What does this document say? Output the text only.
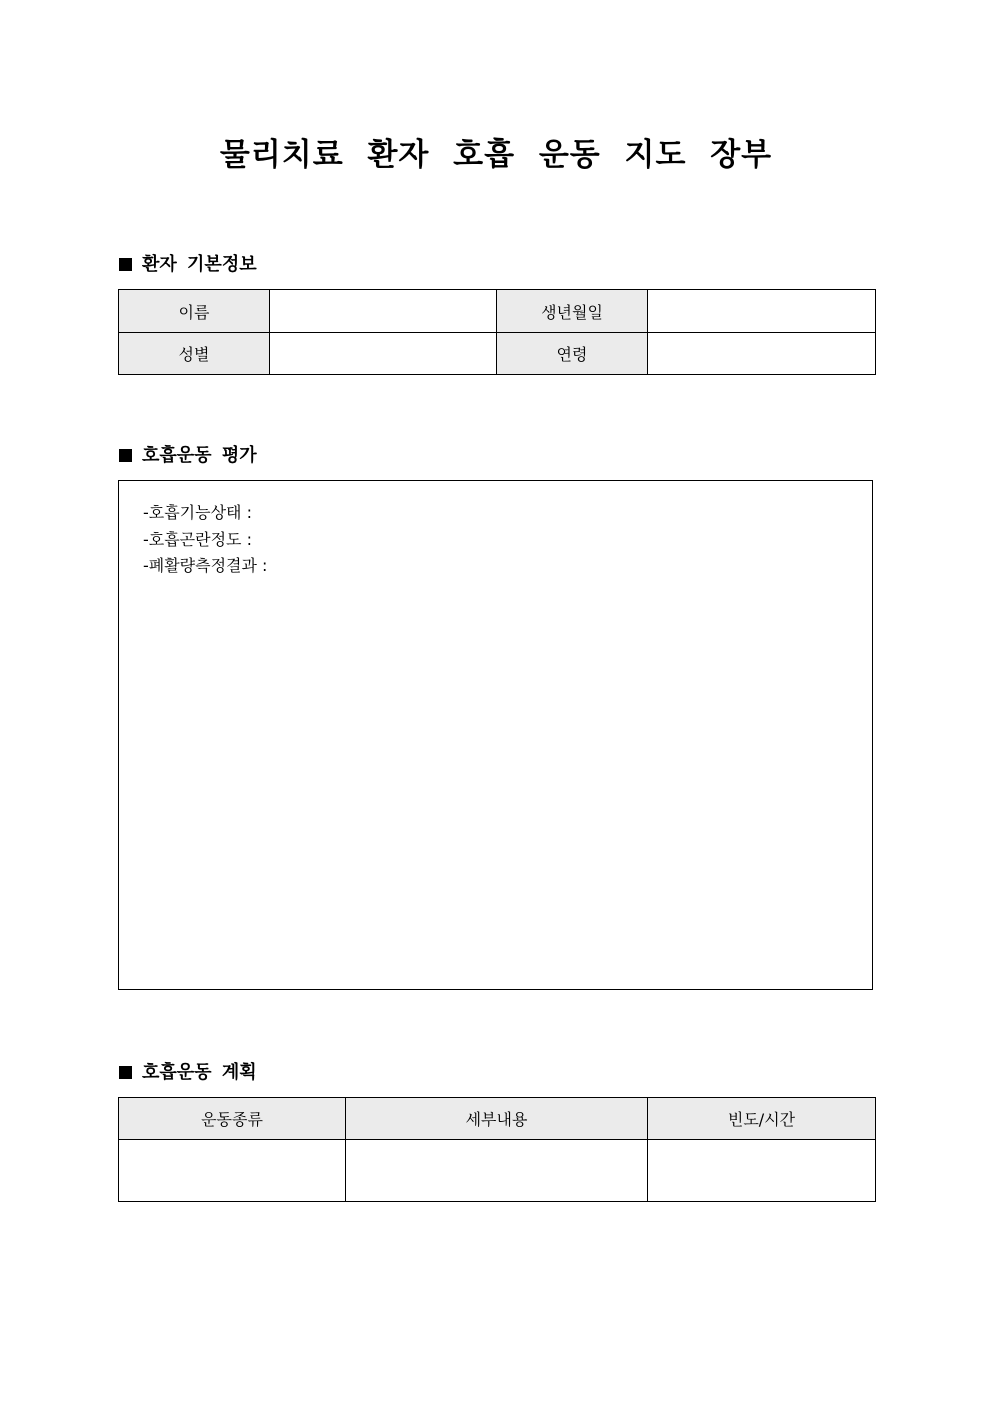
물리치료 환자 호흡 운동 지도 장부
환자 기본정보
이름		생년월일	
성별		연령	
호흡운동 평가
-호흡기능상태 :
-호흡곤란정도 :
-폐활량측정결과 :
호흡운동 계획
운동종류	세부내용	빈도/시간
